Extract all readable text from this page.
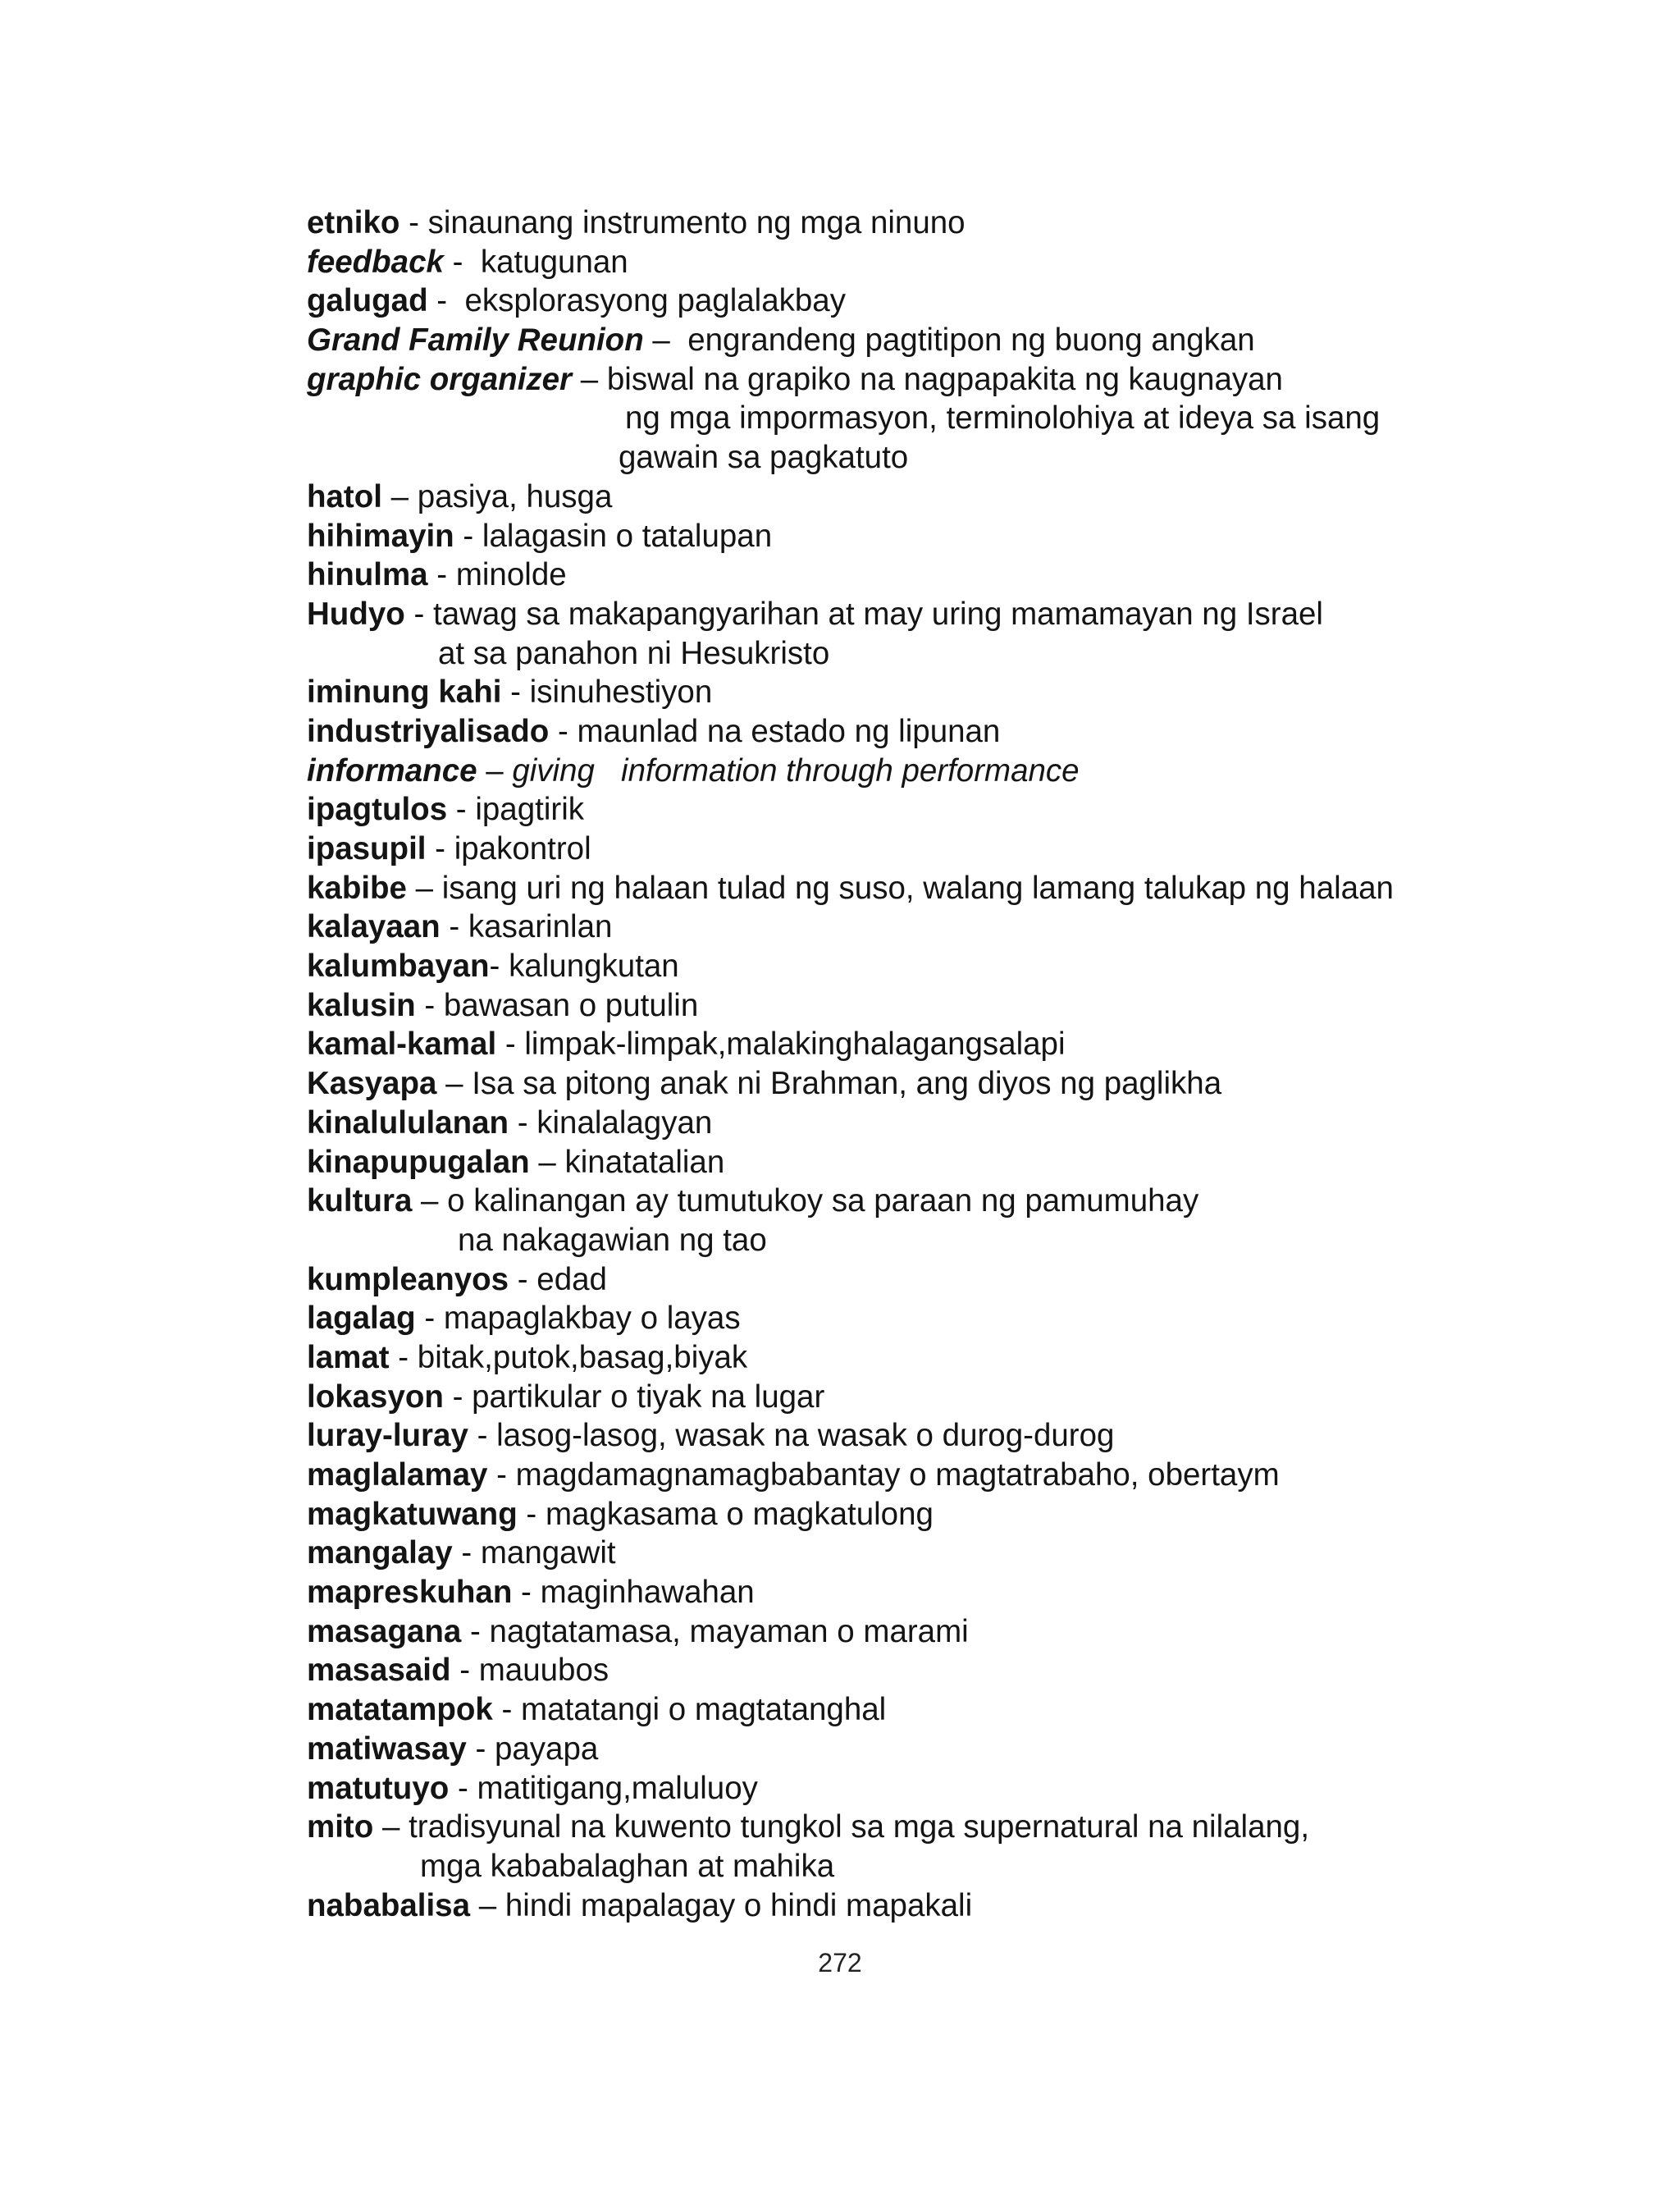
etniko - sinaunang instrumento ng mga ninuno
feedback -  katugunan
galugad -  eksplorasyong paglalakbay
Grand Family Reunion –  engrandeng pagtitipon ng buong angkan
graphic organizer – biswal na grapiko na nagpapakita ng kaugnayan
ng mga impormasyon, terminolohiya at ideya sa isang
gawain sa pagkatuto
hatol – pasiya, husga
hihimayin - lalagasin o tatalupan
hinulma - minolde
Hudyo - tawag sa makapangyarihan at may uring mamamayan ng Israel
at sa panahon ni Hesukristo
iminung kahi - isinuhestiyon
industriyalisado - maunlad na estado ng lipunan
informance – giving   information through performance
ipagtulos - ipagtirik
ipasupil - ipakontrol
kabibe – isang uri ng halaan tulad ng suso, walang lamang talukap ng halaan
kalayaan - kasarinlan
kalumbayan- kalungkutan
kalusin - bawasan o putulin
kamal-kamal - limpak-limpak,malakinghalagangsalapi
Kasyapa – Isa sa pitong anak ni Brahman, ang diyos ng paglikha
kinalululanan - kinalalagyan
kinapupugalan – kinatatalian
kultura – o kalinangan ay tumutukoy sa paraan ng pamumuhay
na nakagawian ng tao
kumpleanyos - edad
lagalag - mapaglakbay o layas
lamat - bitak,putok,basag,biyak
lokasyon - partikular o tiyak na lugar
luray-luray - lasog-lasog, wasak na wasak o durog-durog
maglalamay - magdamagnamagbabantay o magtatrabaho, obertaym
magkatuwang - magkasama o magkatulong
mangalay - mangawit
mapreskuhan - maginhawahan
masagana - nagtatamasa, mayaman o marami
masasaid - mauubos
matatampok - matatangi o magtatanghal
matiwasay - payapa
matutuyo - matitigang,maluluoy
mito – tradisyunal na kuwento tungkol sa mga supernatural na nilalang,
mga kababalaghan at mahika
nababalisa – hindi mapalagay o hindi mapakali
272
